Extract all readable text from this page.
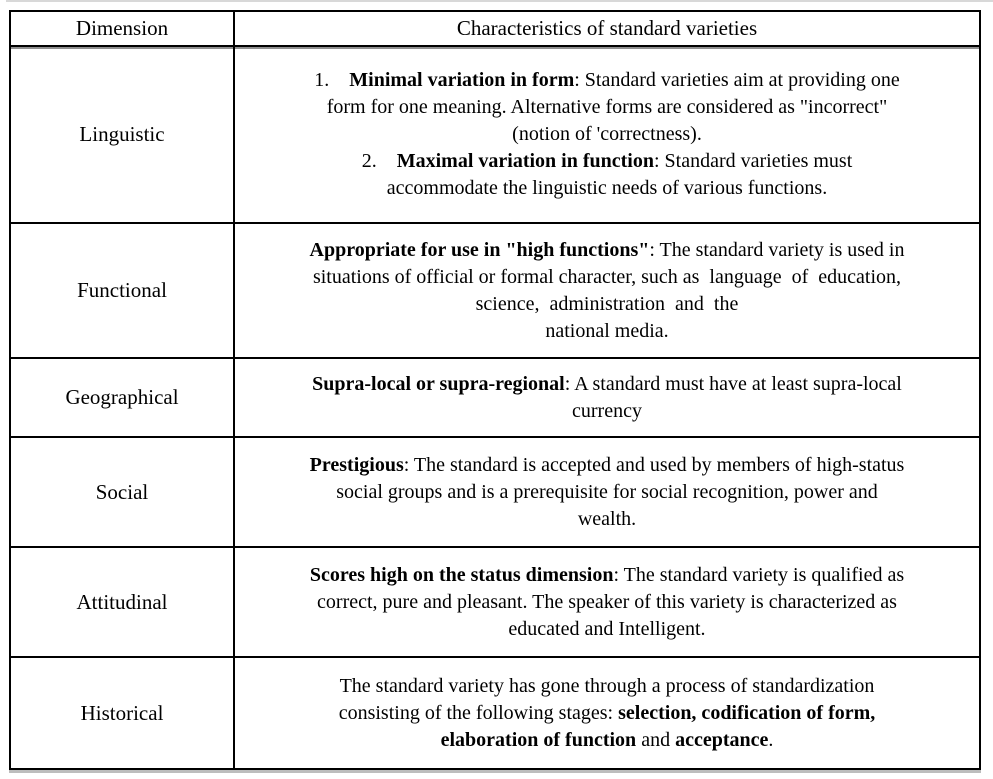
Dimension	Characteristics of standard varieties
Linguistic
1.    Minimal variation in form: Standard varieties aim at providing one
form for one meaning. Alternative forms are considered as "incorrect"
(notion of 'correctness).
2.    Maximal variation in function: Standard varieties must
accommodate the linguistic needs of various functions.
Functional
Appropriate for use in "high functions": The standard variety is used in
situations of official or formal character, such as  language  of  education,
science,  administration  and  the
national media.
Geographical
Supra-local or supra-regional: A standard must have at least supra-local
currency
Social
Prestigious: The standard is accepted and used by members of high-status
social groups and is a prerequisite for social recognition, power and
wealth.
Attitudinal
Scores high on the status dimension: The standard variety is qualified as
correct, pure and pleasant. The speaker of this variety is characterized as
educated and Intelligent.
Historical
The standard variety has gone through a process of standardization
consisting of the following stages: selection, codification of form,
elaboration of function and acceptance.
